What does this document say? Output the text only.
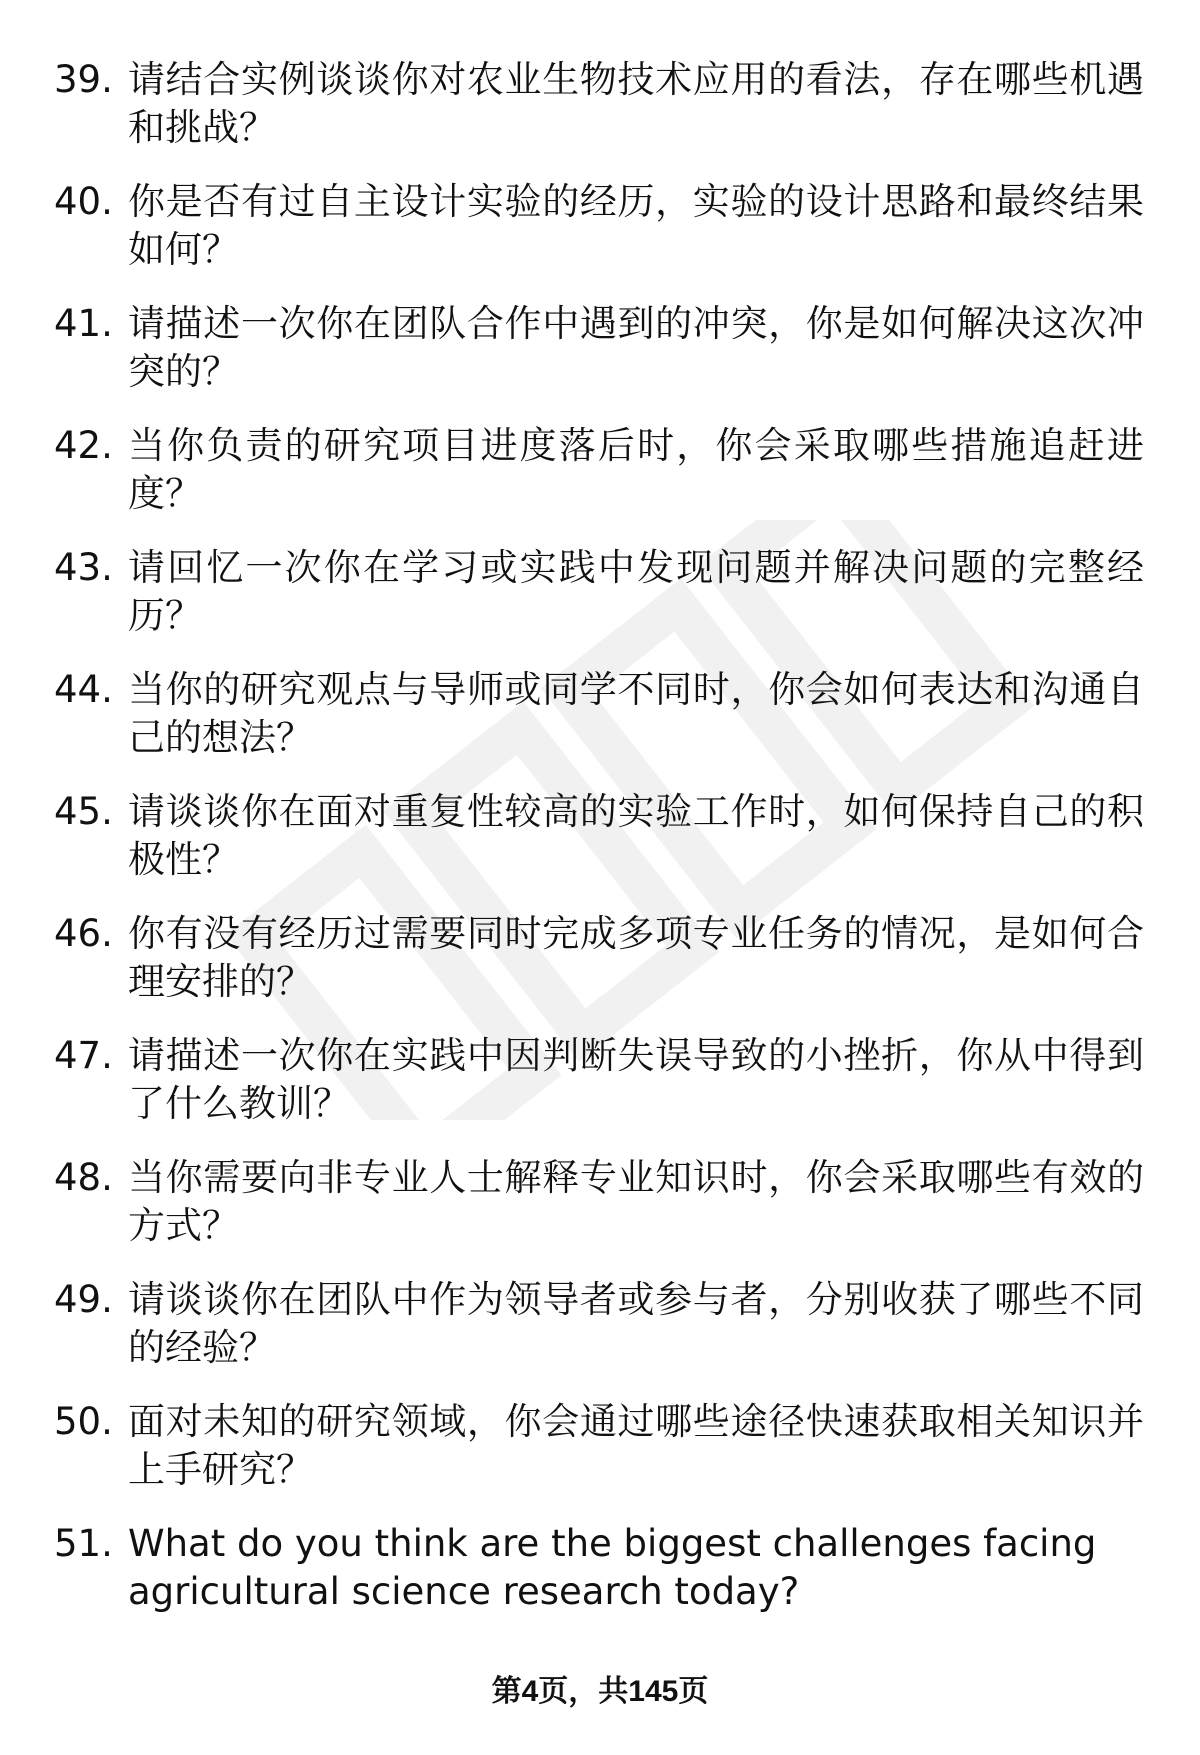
39. 请结合实例谈谈你对农业生物技术应用的看法，存在哪些机遇和挑战？
40. 你是否有过自主设计实验的经历，实验的设计思路和最终结果如何？
41. 请描述一次你在团队合作中遇到的冲突，你是如何解决这次冲突的？
42. 当你负责的研究项目进度落后时，你会采取哪些措施追赶进度？
43. 请回忆一次你在学习或实践中发现问题并解决问题的完整经历？
44. 当你的研究观点与导师或同学不同时，你会如何表达和沟通自己的想法？
45. 请谈谈你在面对重复性较高的实验工作时，如何保持自己的积极性？
46. 你有没有经历过需要同时完成多项专业任务的情况，是如何合理安排的？
47. 请描述一次你在实践中因判断失误导致的小挫折，你从中得到了什么教训？
48. 当你需要向非专业人士解释专业知识时，你会采取哪些有效的方式？
49. 请谈谈你在团队中作为领导者或参与者，分别收获了哪些不同的经验？
50. 面对未知的研究领域，你会通过哪些途径快速获取相关知识并上手研究？
51. What do you think are the biggest challenges facing agricultural science research today?
第4页，共145页
